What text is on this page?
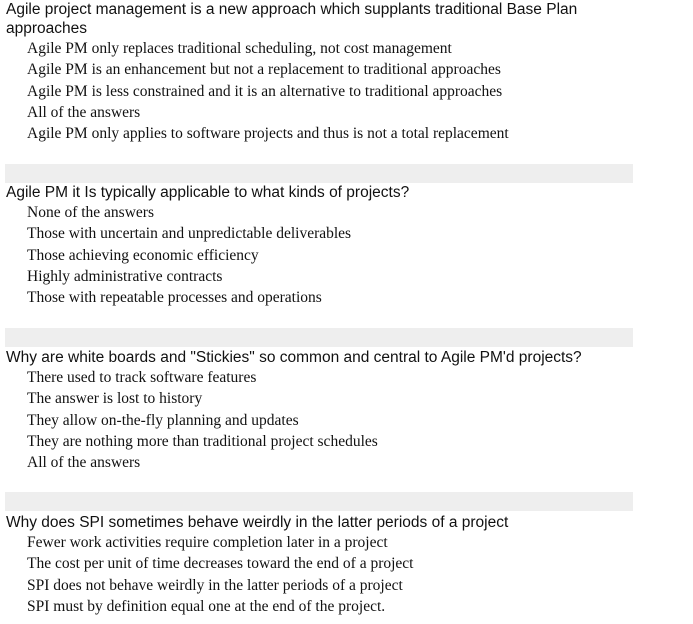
Agile project management is a new approach which supplants traditional Base Plan approaches

Agile PM only replaces traditional scheduling, not cost management
Agile PM is an enhancement but not a replacement to traditional approaches
Agile PM is less constrained and it is an alternative to traditional approaches
All of the answers
Agile PM only applies to software projects and thus is not a total replacement

Agile PM it Is typically applicable to what kinds of projects?

None of the answers
Those with uncertain and unpredictable deliverables
Those achieving economic efficiency
Highly administrative contracts
Those with repeatable processes and operations

Why are white boards and "Stickies" so common and central to Agile PM'd projects?

There used to track software features
The answer is lost to history
They allow on-the-fly planning and updates
They are nothing more than traditional project schedules
All of the answers

Why does SPI sometimes behave weirdly in the latter periods of a project

Fewer work activities require completion later in a project
The cost per unit of time decreases toward the end of a project
SPI does not behave weirdly in the latter periods of a project
SPI must by definition equal one at the end of the project.
